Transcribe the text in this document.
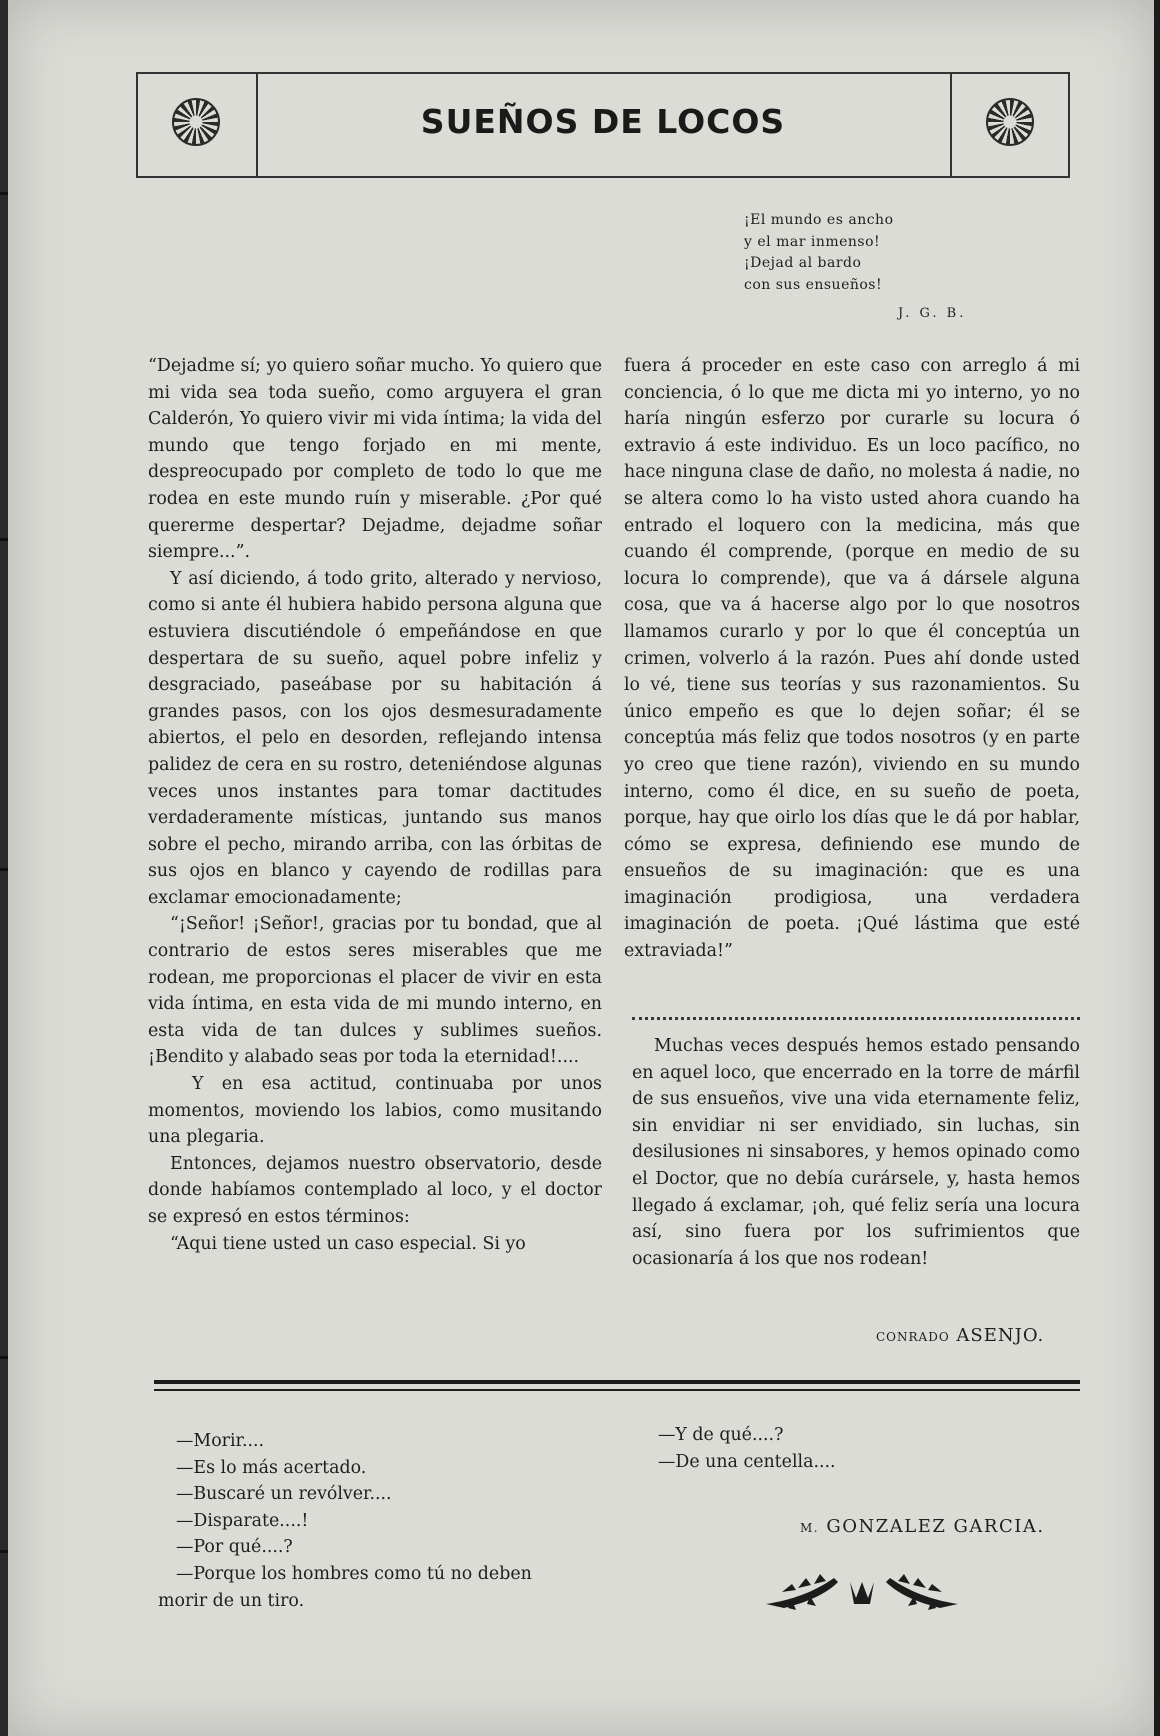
SUEÑOS DE LOCOS
¡El mundo es ancho
y el mar inmenso!
¡Dejad al bardo
con sus ensueños!
J. G. B.

“Dejadme sí; yo quiero soñar mucho. Yo quiero que mi vida sea toda sueño, como arguyera el gran Calderón, Yo quiero vivir mi vida íntima; la vida del mundo que tengo forjado en mi mente, despreocupado por completo de todo lo que me rodea en este mundo ruín y miserable. ¿Por qué quererme despertar? Dejadme, dejadme soñar siempre...”.

Y así diciendo, á todo grito, alterado y nervioso, como si ante él hubiera habido persona alguna que estuviera discutiéndole ó empeñándose en que despertara de su sueño, aquel pobre infeliz y desgraciado, paseábase por su habitación á grandes pasos, con los ojos desmesuradamente abiertos, el pelo en desorden, reflejando intensa palidez de cera en su rostro, deteniéndose algunas veces unos instantes para tomar dactitudes verdaderamente místicas, juntando sus manos sobre el pecho, mirando arriba, con las órbitas de sus ojos en blanco y cayendo de rodillas para exclamar emocionadamente;

“¡Señor! ¡Señor!, gracias por tu bondad, que al contrario de estos seres miserables que me rodean, me proporcionas el placer de vivir en esta vida íntima, en esta vida de mi mundo interno, en esta vida de tan dulces y sublimes sueños. ¡Bendito y alabado seas por toda la eternidad!....

Y en esa actitud, continuaba por unos momentos, moviendo los labios, como musitando una plegaria.

Entonces, dejamos nuestro observatorio, desde donde habíamos contemplado al loco, y el doctor se expresó en estos términos:

“Aqui tiene usted un caso especial. Si yo

fuera á proceder en este caso con arreglo á mi conciencia, ó lo que me dicta mi yo interno, yo no haría ningún esferzo por curarle su locura ó extravio á este individuo. Es un loco pacífico, no hace ninguna clase de daño, no molesta á nadie, no se altera como lo ha visto usted ahora cuando ha entrado el loquero con la medicina, más que cuando él comprende, (porque en medio de su locura lo comprende), que va á dársele alguna cosa, que va á hacerse algo por lo que nosotros llamamos curarlo y por lo que él conceptúa un crimen, volverlo á la razón. Pues ahí donde usted lo vé, tiene sus teorías y sus razonamientos. Su único empeño es que lo dejen soñar; él se conceptúa más feliz que todos nosotros (y en parte yo creo que tiene razón), viviendo en su mundo interno, como él dice, en su sueño de poeta, porque, hay que oirlo los días que le dá por hablar, cómo se expresa, definiendo ese mundo de ensueños de su imaginación: que es una imaginación prodigiosa, una verdadera imaginación de poeta. ¡Qué lástima que esté extraviada!”

Muchas veces después hemos estado pensando en aquel loco, que encerrado en la torre de márfil de sus ensueños, vive una vida eternamente feliz, sin envidiar ni ser envidiado, sin luchas, sin desilusiones ni sinsabores, y hemos opinado como el Doctor, que no debía curársele, y, hasta hemos llegado á exclamar, ¡oh, qué feliz sería una locura así, sino fuera por los sufrimientos que ocasionaría á los que nos rodean!

CONRADO ASENJO.
—Morir....
—Es lo más acertado.
—Buscaré un revólver....
—Disparate....!
—Por qué....?
—Porque los hombres como tú no deben
morir de un tiro.
—Y de qué....?
—De una centella....
M. GONZALEZ GARCIA.
